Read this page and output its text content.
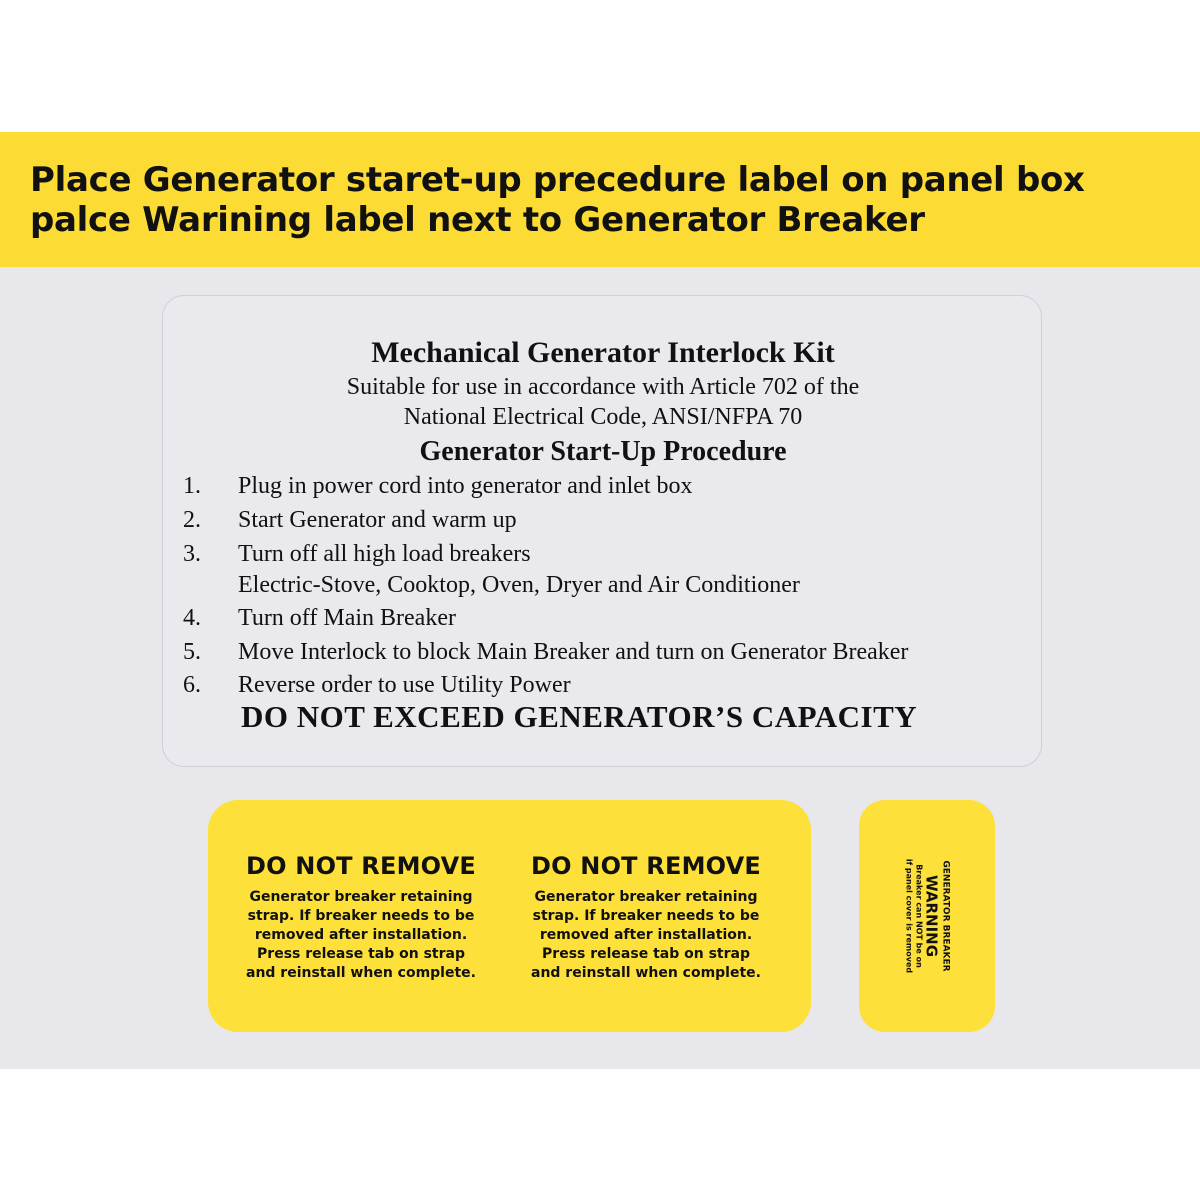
Place Generator staret-up precedure label on panel box
palce Warining label next to Generator Breaker
Mechanical Generator Interlock Kit
Suitable for use in accordance with Article 702 of the
National Electrical Code, ANSI/NFPA 70
Generator Start-Up Procedure
1.	Plug in power cord into generator and inlet box
2.	Start Generator and warm up
3.	Turn off all high load breakers
Electric-Stove, Cooktop, Oven, Dryer and Air Conditioner
4.	Turn off Main Breaker
5.	Move Interlock to block Main Breaker and turn on Generator Breaker
6.	Reverse order to use Utility Power
DO NOT EXCEED GENERATOR’S CAPACITY
DO NOT REMOVE
Generator breaker retaining
strap. If breaker needs to be
removed after installation.
Press release tab on strap
and reinstall when complete.
DO NOT REMOVE
Generator breaker retaining
strap. If breaker needs to be
removed after installation.
Press release tab on strap
and reinstall when complete.
GENERATOR BREAKER
WARNING
Breaker can NOT be on
if panel cover is removed
